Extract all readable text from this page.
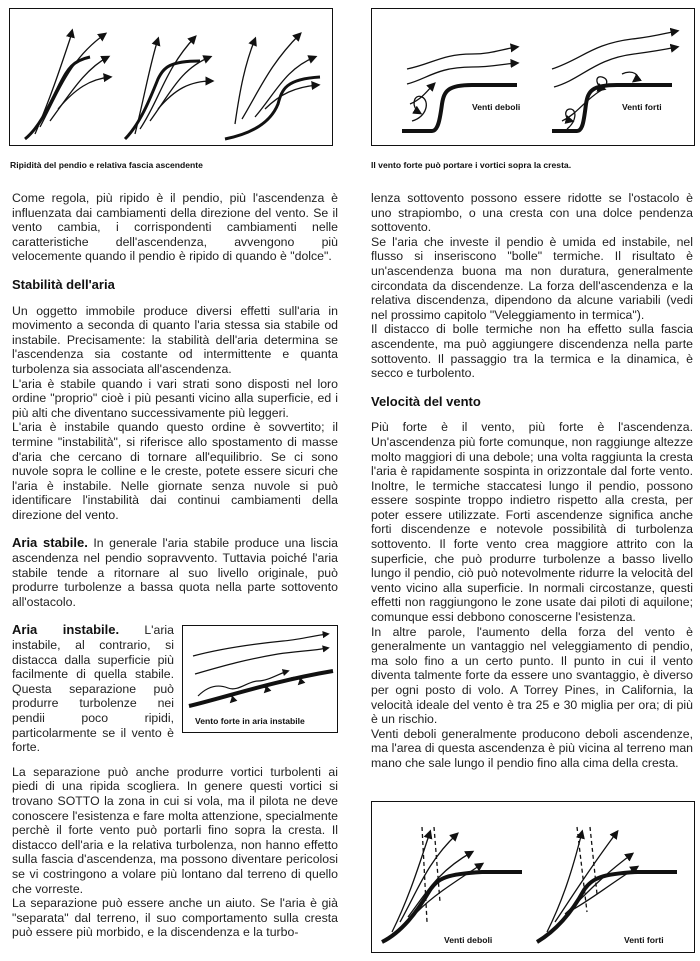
Ripidità del pendio e relativa fascia ascendente
Venti deboli	Venti forti
Il vento forte può portare i vortici sopra la cresta.

Come regola, più ripido è il pendio, più l'ascendenza è influenzata dai cambiamenti della direzione del vento. Se il vento cambia, i corrispondenti cambiamenti nelle caratteristiche dell'ascendenza, avvengono più velocemente quando il pendio è ripido di quando è "dolce".

Stabilità dell'aria

Un oggetto immobile produce diversi effetti sull'aria in movimento a seconda di quanto l'aria stessa sia stabile od instabile. Precisamente: la stabilità dell'aria determina se l'ascendenza sia costante od intermittente e quanta turbolenza sia associata all'ascendenza.

L'aria è stabile quando i vari strati sono disposti nel loro ordine "proprio" cioè i più pesanti vicino alla superficie, ed i più alti che diventano successivamente più leggeri.

L'aria è instabile quando questo ordine è sovvertito; il termine "instabilità", si riferisce allo spostamento di masse d'aria che cercano di tornare all'equilibrio. Se ci sono nuvole sopra le colline e le creste, potete essere sicuri che l'aria è instabile. Nelle giornate senza nuvole si può identificare l'instabilità dai continui cambiamenti della direzione del vento.

Aria stabile. In generale l'aria stabile produce una liscia ascendenza nel pendio sopravvento. Tuttavia poiché l'aria stabile tende a ritornare al suo livello originale, può produrre turbolenze a bassa quota nella parte sottovento all'ostacolo.

Vento forte in aria instabile

Aria instabile. L'aria instabile, al contrario, si distacca dalla superficie più facilmente di quella stabile. Questa separazione può produrre turbolenze nei pendii poco ripidi, particolarmente se il vento è forte.

La separazione può anche produrre vortici turbolenti ai piedi di una ripida scogliera. In genere questi vortici si trovano SOTTO la zona in cui si vola, ma il pilota ne deve conoscere l'esistenza e fare molta attenzione, specialmente perchè il forte vento può portarli fino sopra la cresta. Il distacco dell'aria e la relativa turbolenza, non hanno effetto sulla fascia d'ascendenza, ma possono diventare pericolosi se vi costringono a volare più lontano dal terreno di quello che vorreste.

La separazione può essere anche un aiuto. Se l'aria è già "separata" dal terreno, il suo comportamento sulla cresta può essere più morbido, e la discendenza e la turbo-

lenza sottovento possono essere ridotte se l'ostacolo è uno strapiombo, o una cresta con una dolce pendenza sottovento.

Se l'aria che investe il pendio è umida ed instabile, nel flusso si inseriscono "bolle" termiche. Il risultato è un'ascendenza buona ma non duratura, generalmente circondata da discendenze. La forza dell'ascendenza e la relativa discendenza, dipendono da alcune variabili (vedi nel prossimo capitolo "Veleggiamento in termica").

Il distacco di bolle termiche non ha effetto sulla fascia ascendente, ma può aggiungere discendenza nella parte sottovento. Il passaggio tra la termica e la dinamica, è secco e turbolento.

Velocità del vento

Più forte è il vento, più forte è l'ascendenza. Un'ascendenza più forte comunque, non raggiunge altezze molto maggiori di una debole; una volta raggiunta la cresta l'aria è rapidamente sospinta in orizzontale dal forte vento. Inoltre, le termiche staccatesi lungo il pendio, possono essere sospinte troppo indietro rispetto alla cresta, per poter essere utilizzate. Forti ascendenze significa anche forti discendenze e notevole possibilità di turbolenza sottovento. Il forte vento crea maggiore attrito con la superficie, che può produrre turbolenze a basso livello lungo il pendio, ciò può notevolmente ridurre la velocità del vento vicino alla superficie. In normali circostanze, questi effetti non raggiungono le zone usate dai piloti di aquilone; comunque essi debbono conoscerne l'esistenza.

In altre parole, l'aumento della forza del vento è generalmente un vantaggio nel veleggiamento di pendio, ma solo fino a un certo punto. Il punto in cui il vento diventa talmente forte da essere uno svantaggio, è diverso per ogni posto di volo. A Torrey Pines, in California, la velocità ideale del vento è tra 25 e 30 miglia per ora; di più è un rischio.

Venti deboli generalmente producono deboli ascendenze, ma l'area di questa ascendenza è più vicina al terreno man mano che sale lungo il pendio fino alla cima della cresta.

Venti deboli	Venti forti
